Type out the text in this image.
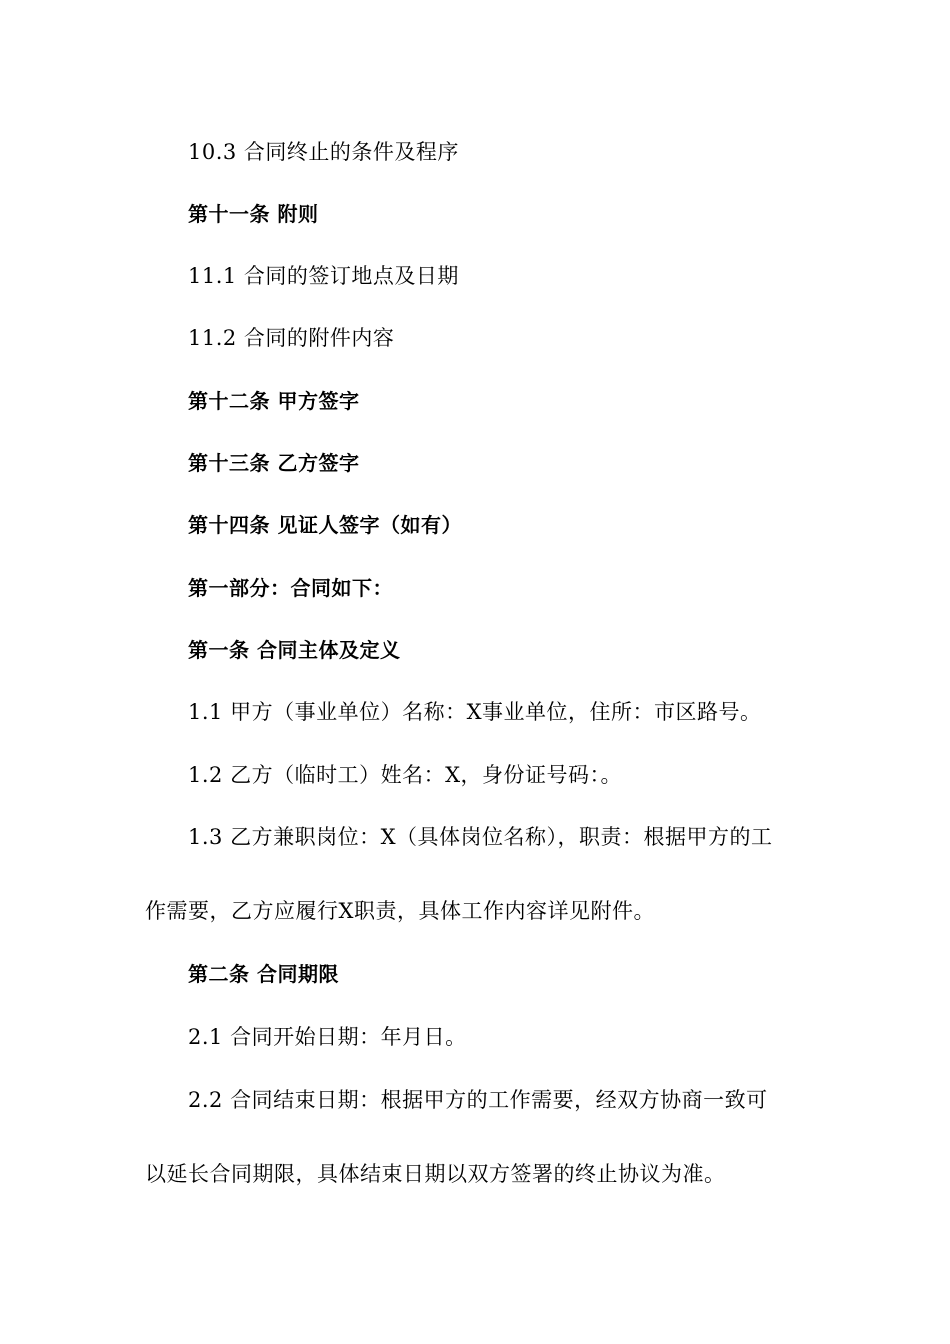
10.3 合同终止的条件及程序
第十一条 附则
11.1 合同的签订地点及日期
11.2 合同的附件内容
第十二条 甲方签字
第十三条 乙方签字
第十四条 见证人签字（如有）
第一部分：合同如下：
第一条 合同主体及定义
1.1 甲方（事业单位）名称：X事业单位，住所：市区路号。
1.2 乙方（临时工）姓名：X，身份证号码：。
1.3 乙方兼职岗位：X（具体岗位名称），职责：根据甲方的工
作需要，乙方应履行X职责，具体工作内容详见附件。
第二条 合同期限
2.1 合同开始日期：年月日。
2.2 合同结束日期：根据甲方的工作需要，经双方协商一致可
以延长合同期限，具体结束日期以双方签署的终止协议为准。
